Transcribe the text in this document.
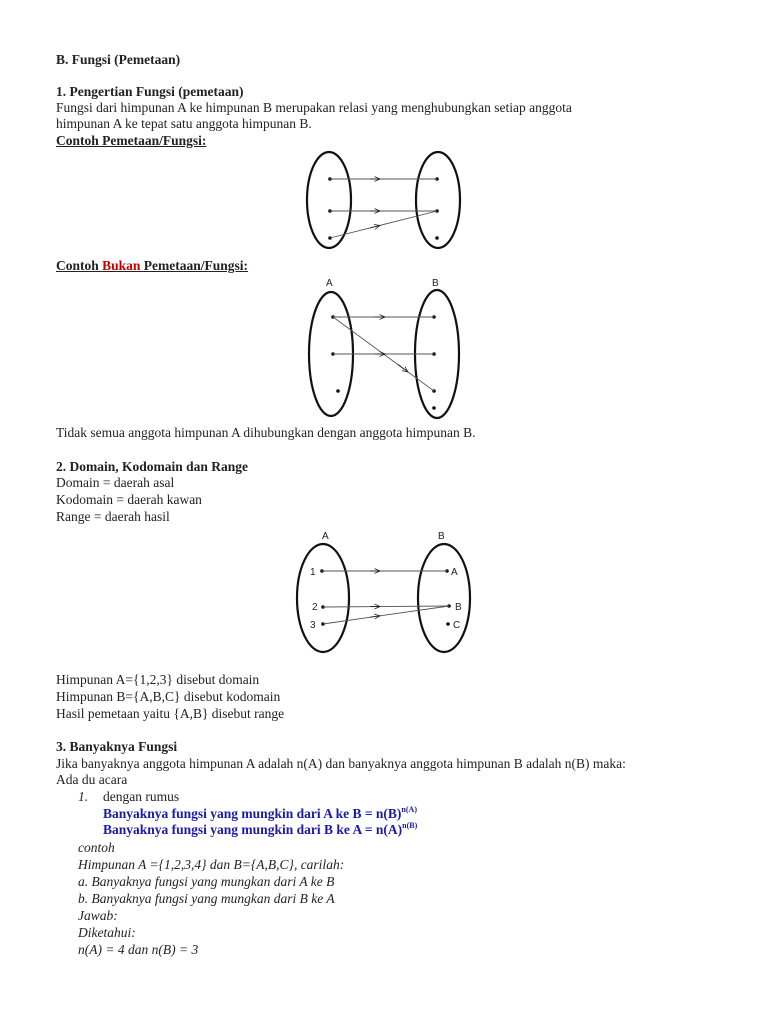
B. Fungsi (Pemetaan)
1. Pengertian Fungsi (pemetaan)
Fungsi dari himpunan A ke himpunan B merupakan relasi yang menghubungkan setiap anggota
himpunan A ke tepat satu anggota himpunan B.
Contoh Pemetaan/Fungsi:
Contoh Bukan Pemetaan/Fungsi:
A	B
Tidak semua anggota himpunan A dihubungkan dengan anggota himpunan B.
2. Domain, Kodomain dan Range
Domain = daerah asal
Kodomain = daerah kawan
Range = daerah hasil
A	B
1
2
3
A
B
C
Himpunan A={1,2,3} disebut domain
Himpunan B={A,B,C} disebut kodomain
Hasil pemetaan yaitu {A,B} disebut range
3. Banyaknya Fungsi
Jika banyaknya anggota himpunan A adalah n(A) dan banyaknya anggota himpunan B adalah n(B) maka:
Ada du acara
1. dengan rumus
Banyaknya fungsi yang mungkin dari A ke $B = n(B)^{n(A)}$
Banyaknya fungsi yang mungkin dari B ke $A = n(A)^{n(B)}$
contoh
Himpunan A ={1,2,3,4} dan B={A,B,C}, carilah:
a. Banyaknya fungsi yang mungkan dari A ke B
b. Banyaknya fungsi yang mungkan dari B ke A
Jawab:
Diketahui:
n(A) = 4 dan n(B) = 3
